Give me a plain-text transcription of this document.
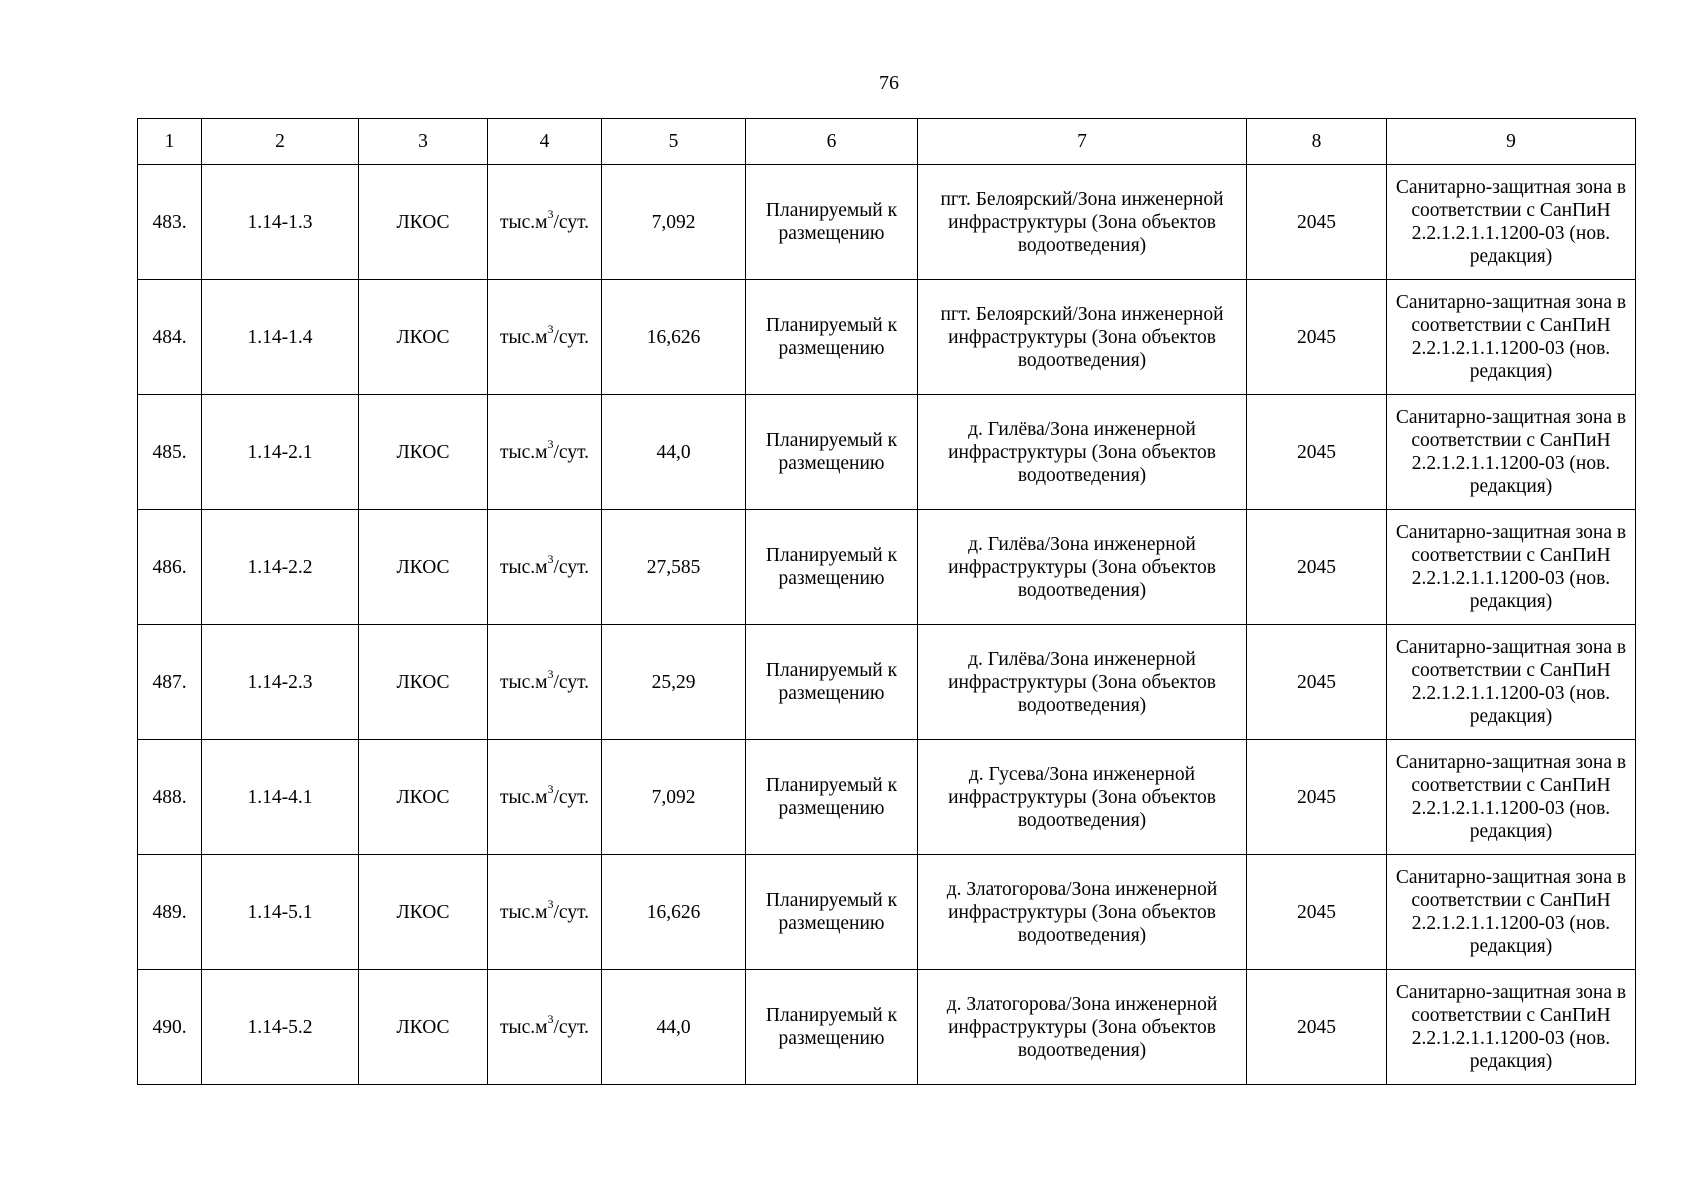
76
1	2	3	4	5	6	7	8	9
483.	1.14-1.3	ЛКОС	$тыс.м^3$/сут.	7,092	Планируемый к размещению	пгт. Белоярский/Зона инженерной инфраструктуры (Зона объектов водоотведения)	2045	Санитарно-защитная зона в соответствии с СанПиН 2.2.1.2.1.1.1200-03 (нов. редакция)
484.	1.14-1.4	ЛКОС	$тыс.м^3$/сут.	16,626	Планируемый к размещению	пгт. Белоярский/Зона инженерной инфраструктуры (Зона объектов водоотведения)	2045	Санитарно-защитная зона в соответствии с СанПиН 2.2.1.2.1.1.1200-03 (нов. редакция)
485.	1.14-2.1	ЛКОС	$тыс.м^3$/сут.	44,0	Планируемый к размещению	д. Гилёва/Зона инженерной инфраструктуры (Зона объектов водоотведения)	2045	Санитарно-защитная зона в соответствии с СанПиН 2.2.1.2.1.1.1200-03 (нов. редакция)
486.	1.14-2.2	ЛКОС	$тыс.м^3$/сут.	27,585	Планируемый к размещению	д. Гилёва/Зона инженерной инфраструктуры (Зона объектов водоотведения)	2045	Санитарно-защитная зона в соответствии с СанПиН 2.2.1.2.1.1.1200-03 (нов. редакция)
487.	1.14-2.3	ЛКОС	$тыс.м^3$/сут.	25,29	Планируемый к размещению	д. Гилёва/Зона инженерной инфраструктуры (Зона объектов водоотведения)	2045	Санитарно-защитная зона в соответствии с СанПиН 2.2.1.2.1.1.1200-03 (нов. редакция)
488.	1.14-4.1	ЛКОС	$тыс.м^3$/сут.	7,092	Планируемый к размещению	д. Гусева/Зона инженерной инфраструктуры (Зона объектов водоотведения)	2045	Санитарно-защитная зона в соответствии с СанПиН 2.2.1.2.1.1.1200-03 (нов. редакция)
489.	1.14-5.1	ЛКОС	$тыс.м^3$/сут.	16,626	Планируемый к размещению	д. Златогорова/Зона инженерной инфраструктуры (Зона объектов водоотведения)	2045	Санитарно-защитная зона в соответствии с СанПиН 2.2.1.2.1.1.1200-03 (нов. редакция)
490.	1.14-5.2	ЛКОС	$тыс.м^3$/сут.	44,0	Планируемый к размещению	д. Златогорова/Зона инженерной инфраструктуры (Зона объектов водоотведения)	2045	Санитарно-защитная зона в соответствии с СанПиН 2.2.1.2.1.1.1200-03 (нов. редакция)
